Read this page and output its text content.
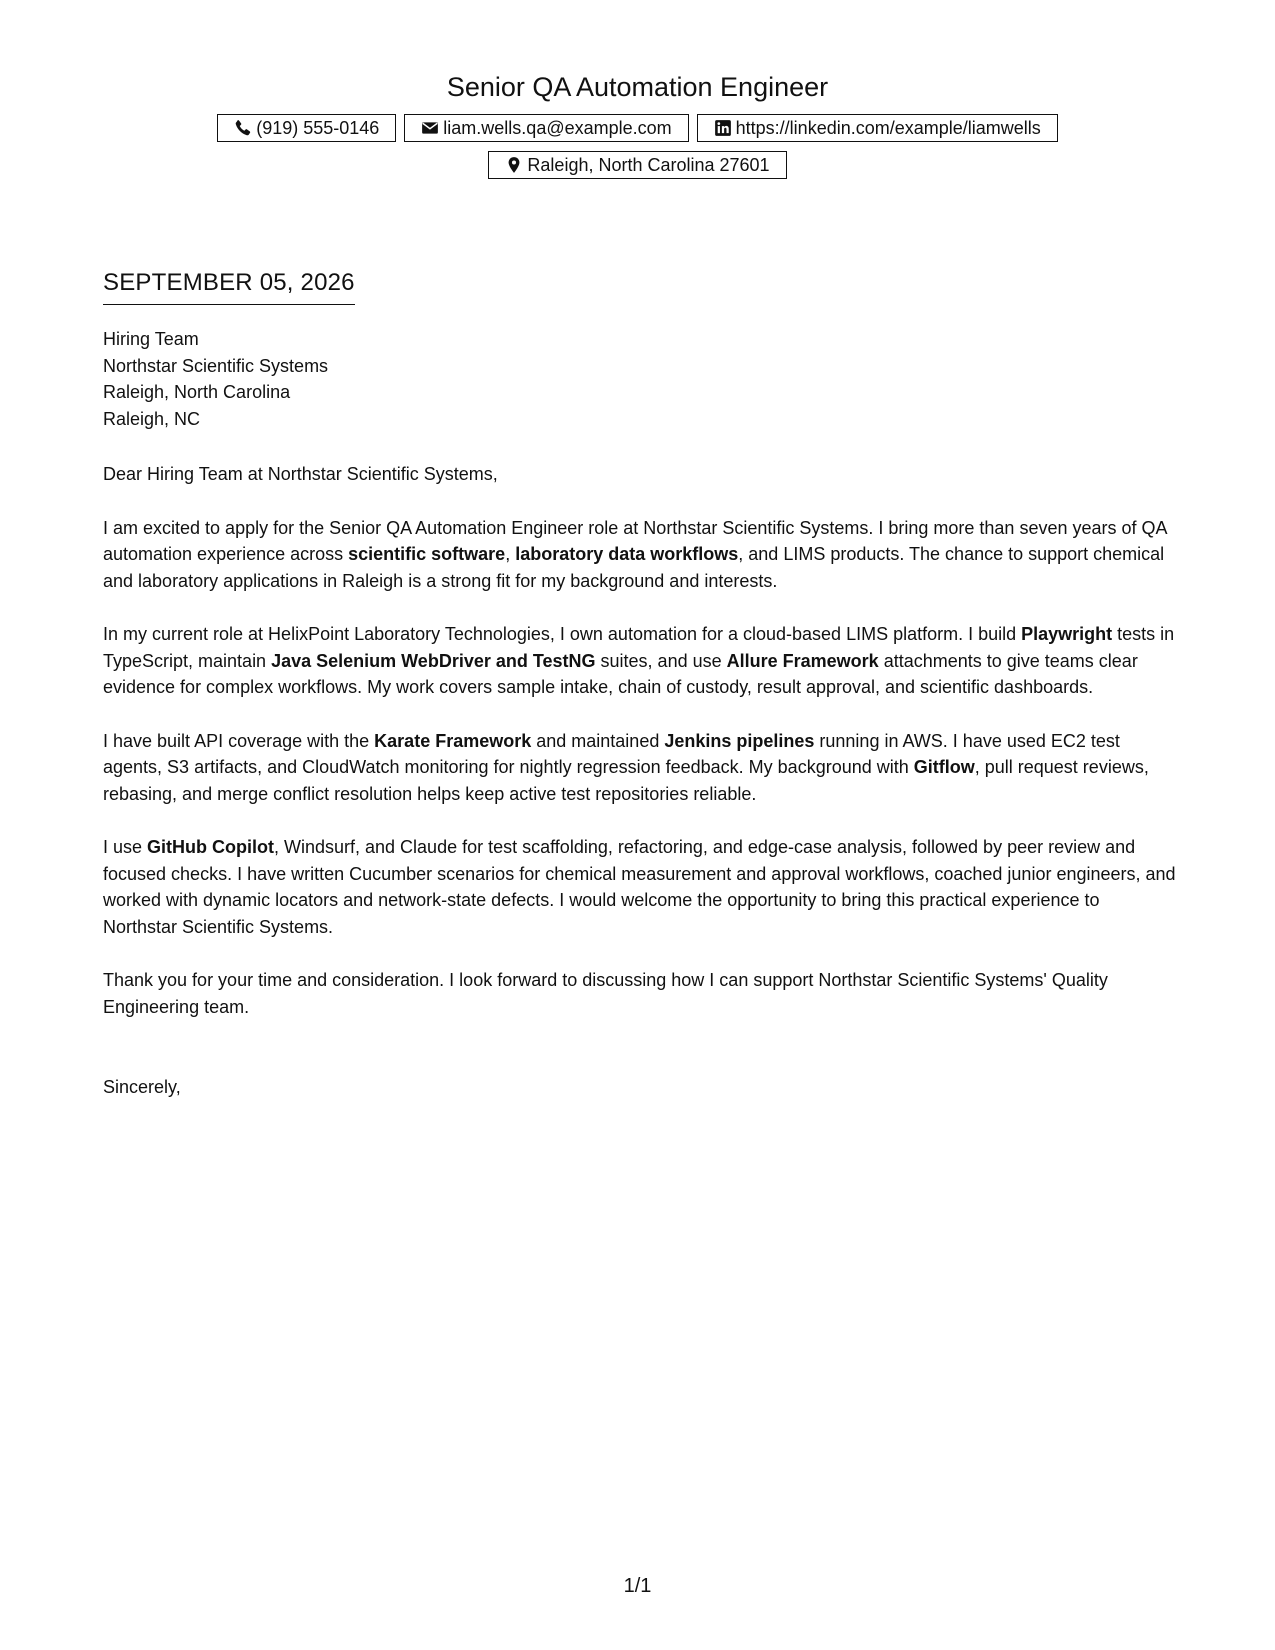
Senior QA Automation Engineer
(919) 555-0146	liam.wells.qa@example.com	https://linkedin.com/example/liamwells
Raleigh, North Carolina 27601
SEPTEMBER 05, 2026
Hiring Team
Northstar Scientific Systems
Raleigh, North Carolina
Raleigh, NC

Dear Hiring Team at Northstar Scientific Systems,

I am excited to apply for the Senior QA Automation Engineer role at Northstar Scientific Systems. I bring more than seven years of QA automation experience across scientific software, laboratory data workflows, and LIMS products. The chance to support chemical and laboratory applications in Raleigh is a strong fit for my background and interests.

In my current role at HelixPoint Laboratory Technologies, I own automation for a cloud-based LIMS platform. I build Playwright tests in TypeScript, maintain Java Selenium WebDriver and TestNG suites, and use Allure Framework attachments to give teams clear evidence for complex workflows. My work covers sample intake, chain of custody, result approval, and scientific dashboards.

I have built API coverage with the Karate Framework and maintained Jenkins pipelines running in AWS. I have used EC2 test agents, S3 artifacts, and CloudWatch monitoring for nightly regression feedback. My background with Gitflow, pull request reviews, rebasing, and merge conflict resolution helps keep active test repositories reliable.

I use GitHub Copilot, Windsurf, and Claude for test scaffolding, refactoring, and edge-case analysis, followed by peer review and focused checks. I have written Cucumber scenarios for chemical measurement and approval workflows, coached junior engineers, and worked with dynamic locators and network-state defects. I would welcome the opportunity to bring this practical experience to Northstar Scientific Systems.

Thank you for your time and consideration. I look forward to discussing how I can support Northstar Scientific Systems' Quality Engineering team.

Sincerely,

1/1
